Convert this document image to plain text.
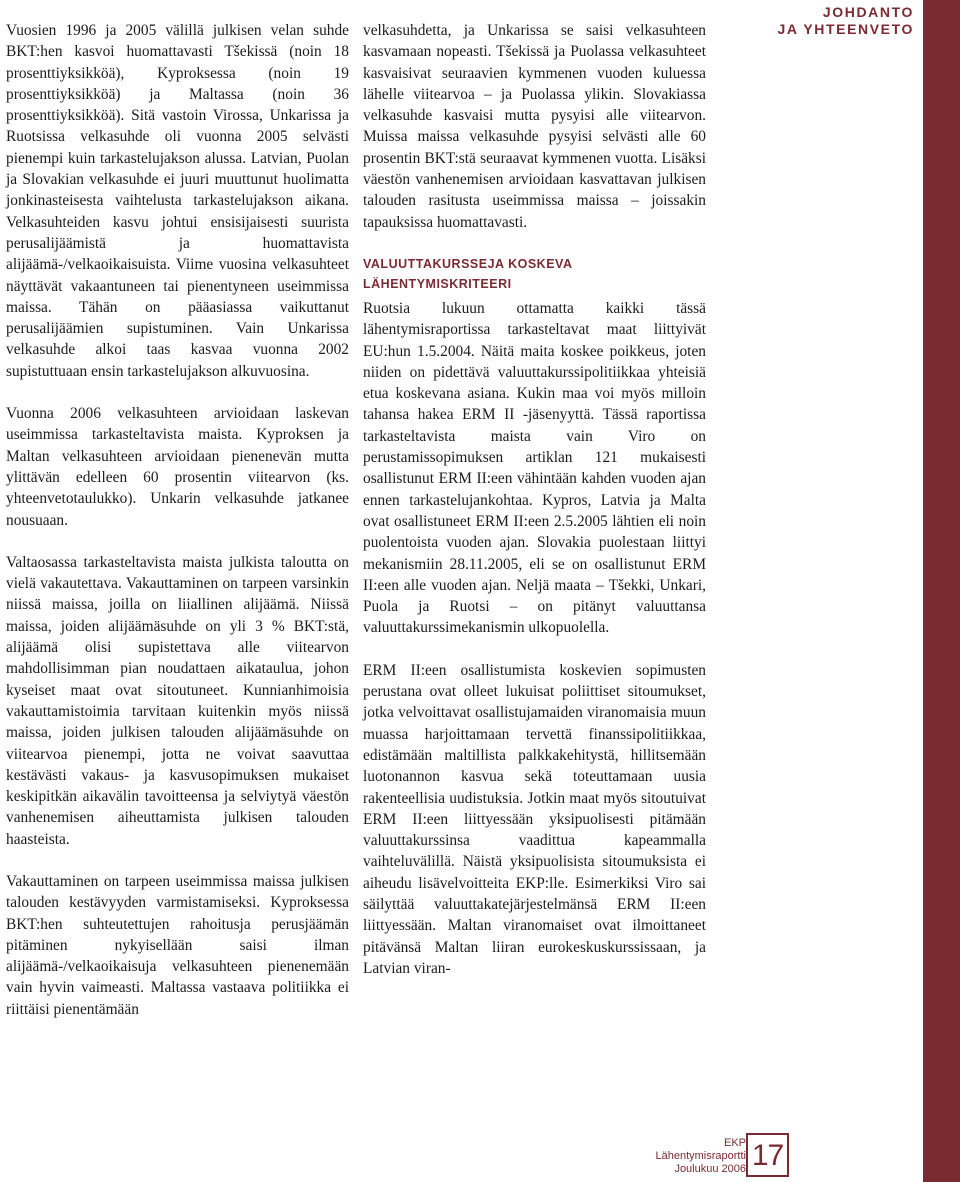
Vuosien 1996 ja 2005 välillä julkisen velan suhde BKT:hen kasvoi huomattavasti Tšekissä (noin 18 prosenttiyksikköä), Kyproksessa (noin 19 prosenttiyksikköä) ja Maltassa (noin 36 prosenttiyksikköä). Sitä vastoin Virossa, Unkarissa ja Ruotsissa velkasuhde oli vuonna 2005 selvästi pienempi kuin tarkastelujakson alussa. Latvian, Puolan ja Slovakian velkasuhde ei juuri muuttunut huolimatta jonkinasteisesta vaihtelusta tarkastelujakson aikana. Velkasuhteiden kasvu johtui ensisijaisesti suurista perusalijäämistä ja huomattavista alijäämä-/velkaoikaisuista. Viime vuosina velkasuhteet näyttävät vakaantuneen tai pienentyneen useimmissa maissa. Tähän on pääasiassa vaikuttanut perusalijäämien supistuminen. Vain Unkarissa velkasuhde alkoi taas kasvaa vuonna 2002 supistuttuaan ensin tarkastelujakson alkuvuosina.

Vuonna 2006 velkasuhteen arvioidaan laskevan useimmissa tarkasteltavista maista. Kyproksen ja Maltan velkasuhteen arvioidaan pienenevän mutta ylittävän edelleen 60 prosentin viitearvon (ks. yhteenvetotaulukko). Unkarin velkasuhde jatkanee nousuaan.

Valtaosassa tarkasteltavista maista julkista taloutta on vielä vakautettava. Vakauttaminen on tarpeen varsinkin niissä maissa, joilla on liiallinen alijäämä. Niissä maissa, joiden alijäämäsuhde on yli 3 % BKT:stä, alijäämä olisi supistettava alle viitearvon mahdollisimman pian noudattaen aikataulua, johon kyseiset maat ovat sitoutuneet. Kunnianhimoisia vakauttamistoimia tarvitaan kuitenkin myös niissä maissa, joiden julkisen talouden alijäämäsuhde on viitearvoa pienempi, jotta ne voivat saavuttaa kestävästi vakaus- ja kasvusopimuksen mukaiset keskipitkän aikavälin tavoitteensa ja selviytyä väestön vanhenemisen aiheuttamista julkisen talouden haasteista.

Vakauttaminen on tarpeen useimmissa maissa julkisen talouden kestävyyden varmistamiseksi. Kyproksessa BKT:hen suhteutettujen rahoitusja perusjäämän pitäminen nykyisellään saisi ilman alijäämä-/velkaoikaisuja velkasuhteen pienenemään vain hyvin vaimeasti. Maltassa vastaava politiikka ei riittäisi pienentämään

velkasuhdetta, ja Unkarissa se saisi velkasuhteen kasvamaan nopeasti. Tšekissä ja Puolassa velkasuhteet kasvaisivat seuraavien kymmenen vuoden kuluessa lähelle viitearvoa – ja Puolassa ylikin. Slovakiassa velkasuhde kasvaisi mutta pysyisi alle viitearvon. Muissa maissa velkasuhde pysyisi selvästi alle 60 prosentin BKT:stä seuraavat kymmenen vuotta. Lisäksi väestön vanhenemisen arvioidaan kasvattavan julkisen talouden rasitusta useimmissa maissa – joissakin tapauksissa huomattavasti.

VALUUTTAKURSSEJA KOSKEVA
LÄHENTYMISKRITEERI

Ruotsia lukuun ottamatta kaikki tässä lähentymisraportissa tarkasteltavat maat liittyivät EU:hun 1.5.2004. Näitä maita koskee poikkeus, joten niiden on pidettävä valuuttakurssipolitiikkaa yhteisiä etua koskevana asiana. Kukin maa voi myös milloin tahansa hakea ERM II -jäsenyyttä. Tässä raportissa tarkasteltavista maista vain Viro on perustamissopimuksen artiklan 121 mukaisesti osallistunut ERM II:een vähintään kahden vuoden ajan ennen tarkastelujankohtaa. Kypros, Latvia ja Malta ovat osallistuneet ERM II:een 2.5.2005 lähtien eli noin puolentoista vuoden ajan. Slovakia puolestaan liittyi mekanismiin 28.11.2005, eli se on osallistunut ERM II:een alle vuoden ajan. Neljä maata – Tšekki, Unkari, Puola ja Ruotsi – on pitänyt valuuttansa valuuttakurssimekanismin ulkopuolella.

ERM II:een osallistumista koskevien sopimusten perustana ovat olleet lukuisat poliittiset sitoumukset, jotka velvoittavat osallistujamaiden viranomaisia muun muassa harjoittamaan tervettä finanssipolitiikkaa, edistämään maltillista palkkakehitystä, hillitsemään luotonannon kasvua sekä toteuttamaan uusia rakenteellisia uudistuksia. Jotkin maat myös sitoutuivat ERM II:een liittyessään yksipuolisesti pitämään valuuttakurssinsa vaadittua kapeammalla vaihteluvälillä. Näistä yksipuolisista sitoumuksista ei aiheudu lisävelvoitteita EKP:lle. Esimerkiksi Viro sai säilyttää valuuttakatejärjestelmänsä ERM II:een liittyessään. Maltan viranomaiset ovat ilmoittaneet pitävänsä Maltan liiran eurokeskuskurssissaan, ja Latvian viran-

JOHDANTO
JA YHTEENVETO
EKP
Lähentymisraportti
Joulukuu 2006 17
